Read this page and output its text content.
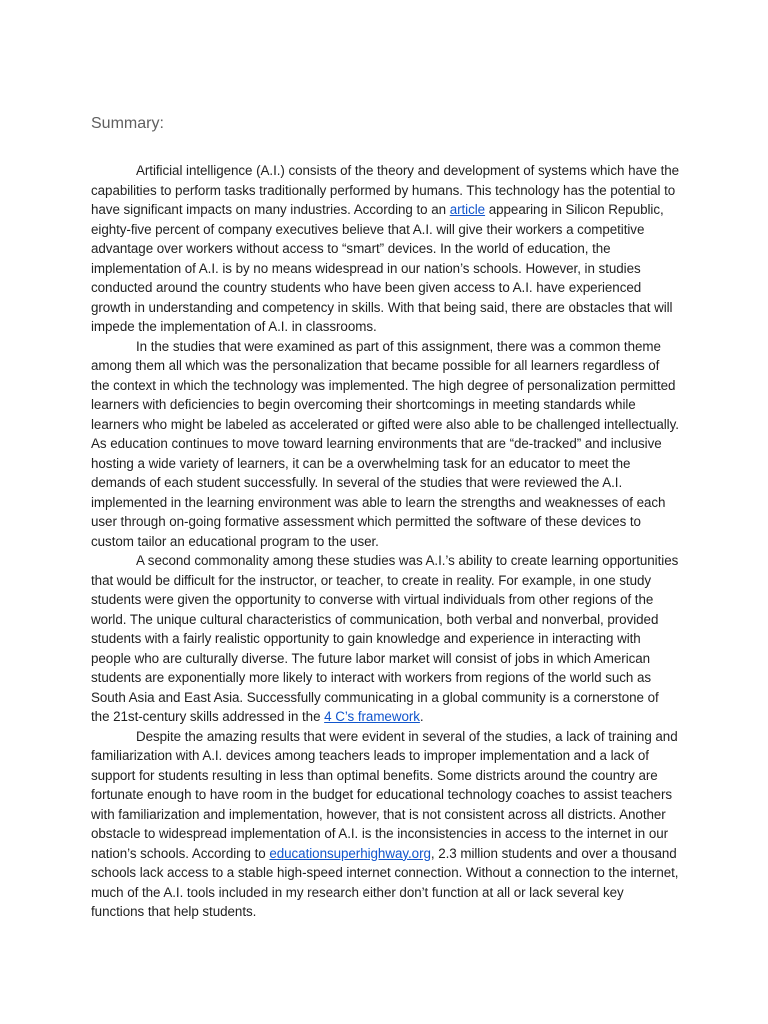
Summary:

Artificial intelligence (A.I.) consists of the theory and development of systems which have the capabilities to perform tasks traditionally performed by humans. This technology has the potential to have significant impacts on many industries. According to an article appearing in Silicon Republic, eighty-five percent of company executives believe that A.I. will give their workers a competitive advantage over workers without access to “smart” devices. In the world of education, the implementation of A.I. is by no means widespread in our nation’s schools. However, in studies conducted around the country students who have been given access to A.I. have experienced growth in understanding and competency in skills. With that being said, there are obstacles that will impede the implementation of A.I. in classrooms.

In the studies that were examined as part of this assignment, there was a common theme among them all which was the personalization that became possible for all learners regardless of the context in which the technology was implemented. The high degree of personalization permitted learners with deficiencies to begin overcoming their shortcomings in meeting standards while learners who might be labeled as accelerated or gifted were also able to be challenged intellectually. As education continues to move toward learning environments that are “de-tracked” and inclusive hosting a wide variety of learners, it can be a overwhelming task for an educator to meet the demands of each student successfully. In several of the studies that were reviewed the A.I. implemented in the learning environment was able to learn the strengths and weaknesses of each user through on-going formative assessment which permitted the software of these devices to custom tailor an educational program to the user.

A second commonality among these studies was A.I.’s ability to create learning opportunities that would be difficult for the instructor, or teacher, to create in reality. For example, in one study students were given the opportunity to converse with virtual individuals from other regions of the world. The unique cultural characteristics of communication, both verbal and nonverbal, provided students with a fairly realistic opportunity to gain knowledge and experience in interacting with people who are culturally diverse. The future labor market will consist of jobs in which American students are exponentially more likely to interact with workers from regions of the world such as South Asia and East Asia. Successfully communicating in a global community is a cornerstone of the 21st-century skills addressed in the 4 C’s framework.

Despite the amazing results that were evident in several of the studies, a lack of training and familiarization with A.I. devices among teachers leads to improper implementation and a lack of support for students resulting in less than optimal benefits. Some districts around the country are fortunate enough to have room in the budget for educational technology coaches to assist teachers with familiarization and implementation, however, that is not consistent across all districts. Another obstacle to widespread implementation of A.I. is the inconsistencies in access to the internet in our nation’s schools. According to educationsuperhighway.org, 2.3 million students and over a thousand schools lack access to a stable high-speed internet connection. Without a connection to the internet, much of the A.I. tools included in my research either don’t function at all or lack several key functions that help students.
